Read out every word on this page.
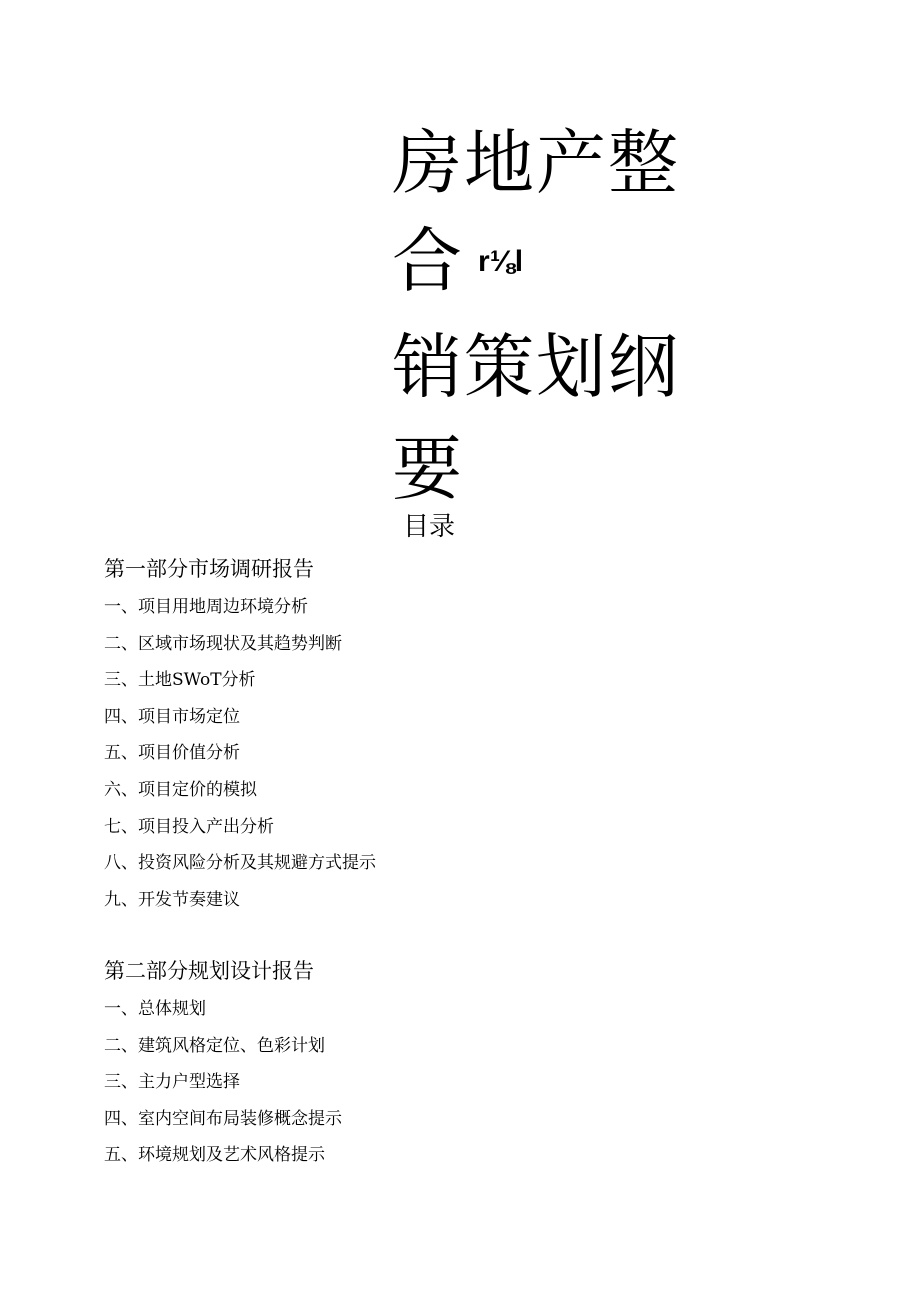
房地产整
合 $^{r\frac{1}{8}l}$
销策划纲
要
目录
第一部分市场调研报告
一、项目用地周边环境分析
二、区域市场现状及其趋势判断
三、土地SWoT分析
四、项目市场定位
五、项目价值分析
六、项目定价的模拟
七、项目投入产出分析
八、投资风险分析及其规避方式提示
九、开发节奏建议
第二部分规划设计报告
一、总体规划
二、建筑风格定位、色彩计划
三、主力户型选择
四、室内空间布局装修概念提示
五、环境规划及艺术风格提示
